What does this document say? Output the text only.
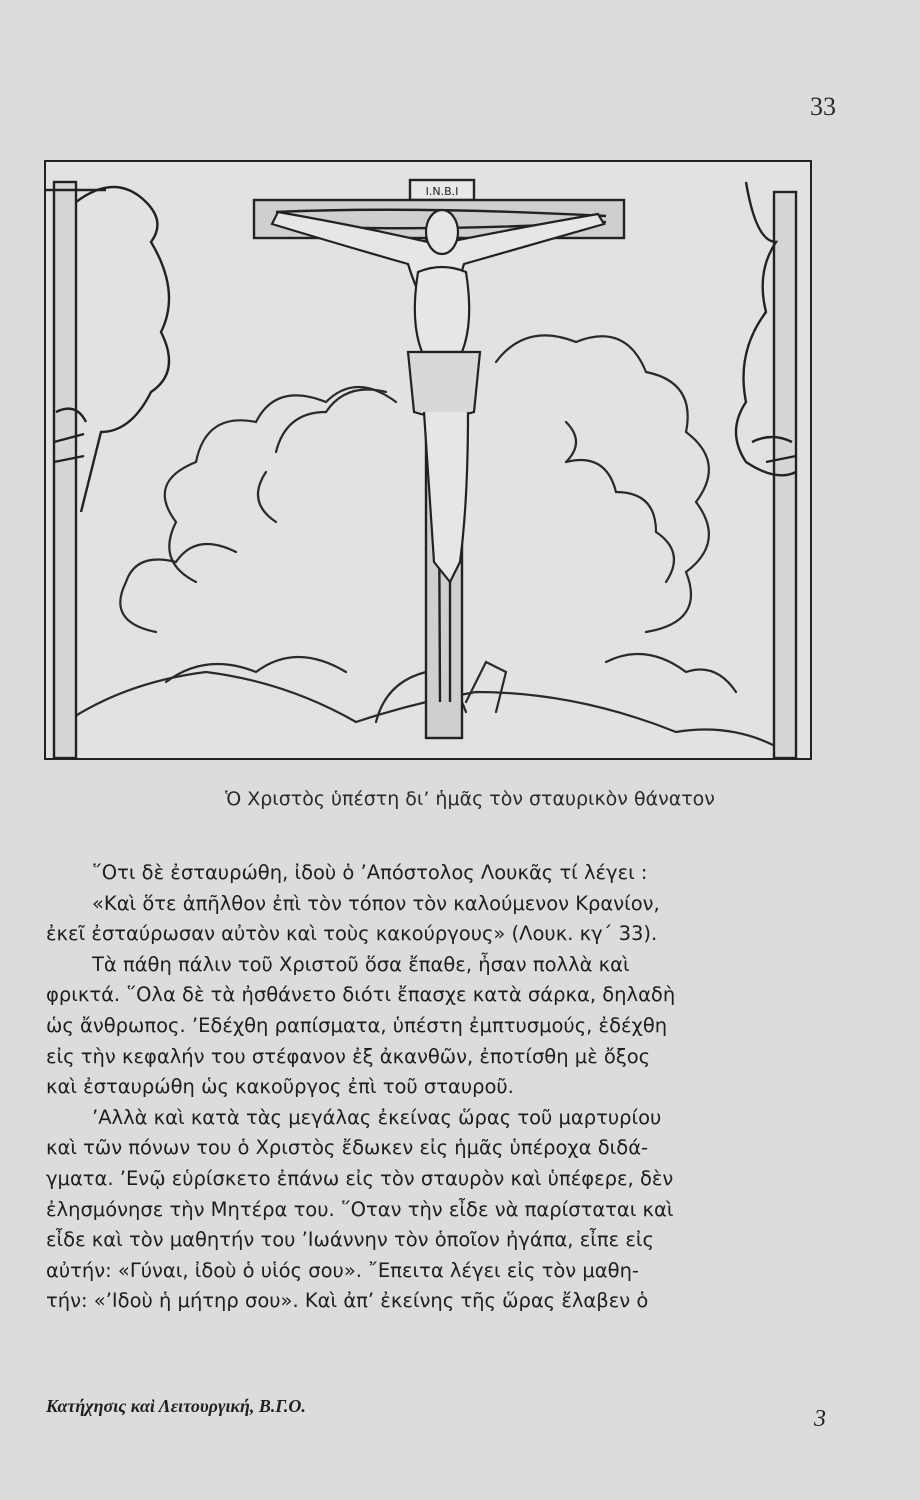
33
I.N.B.I
Ὁ Χριστὸς ὑπέστη δι’ ἡμᾶς τὸν σταυρικὸν θάνατον
῞Οτι δὲ ἐσταυρώθη, ἰδοὺ ὁ ’Απόστολος Λουκᾶς τί λέγει :
«Καὶ ὅτε ἀπῆλθον ἐπὶ τὸν τόπον τὸν καλούμενον Κρανίον,
ἐκεῖ ἐσταύρωσαν αὐτὸν καὶ τοὺς κακούργους» (Λουκ. κγ΄ 33).
Τὰ πάθη πάλιν τοῦ Χριστοῦ ὅσα ἔπαθε, ἦσαν πολλὰ καὶ
φρικτά. ῞Ολα δὲ τὰ ἠσθάνετο διότι ἔπασχε κατὰ σάρκα, δηλαδὴ
ὡς ἄνθρωπος. ’Εδέχθη ραπίσματα, ὑπέστη ἐμπτυσμούς, ἐδέχθη
εἰς τὴν κεφαλήν του στέφανον ἐξ ἀκανθῶν, ἐποτίσθη μὲ ὄξος
καὶ ἐσταυρώθη ὡς κακοῦργος ἐπὶ τοῦ σταυροῦ.
’Αλλὰ καὶ κατὰ τὰς μεγάλας ἐκείνας ὥρας τοῦ μαρτυρίου
καὶ τῶν πόνων του ὁ Χριστὸς ἔδωκεν εἰς ἡμᾶς ὑπέροχα διδά-
γματα. ’Ενῷ εὑρίσκετο ἐπάνω εἰς τὸν σταυρὸν καὶ ὑπέφερε, δὲν
ἐλησμόνησε τὴν Μητέρα του. ῞Οταν τὴν εἶδε νὰ παρίσταται καὶ
εἶδε καὶ τὸν μαθητήν του ’Ιωάννην τὸν ὁποῖον ἠγάπα, εἶπε εἰς
αὐτήν: «Γύναι, ἰδοὺ ὁ υἱός σου». ῎Επειτα λέγει εἰς τὸν μαθη-
τήν: «’Ιδοὺ ἡ μήτηρ σου». Καὶ ἀπ’ ἐκείνης τῆς ὥρας ἔλαβεν ὁ
Κατήχησις καὶ Λειτουργική, Β.Γ.Ο.	3
